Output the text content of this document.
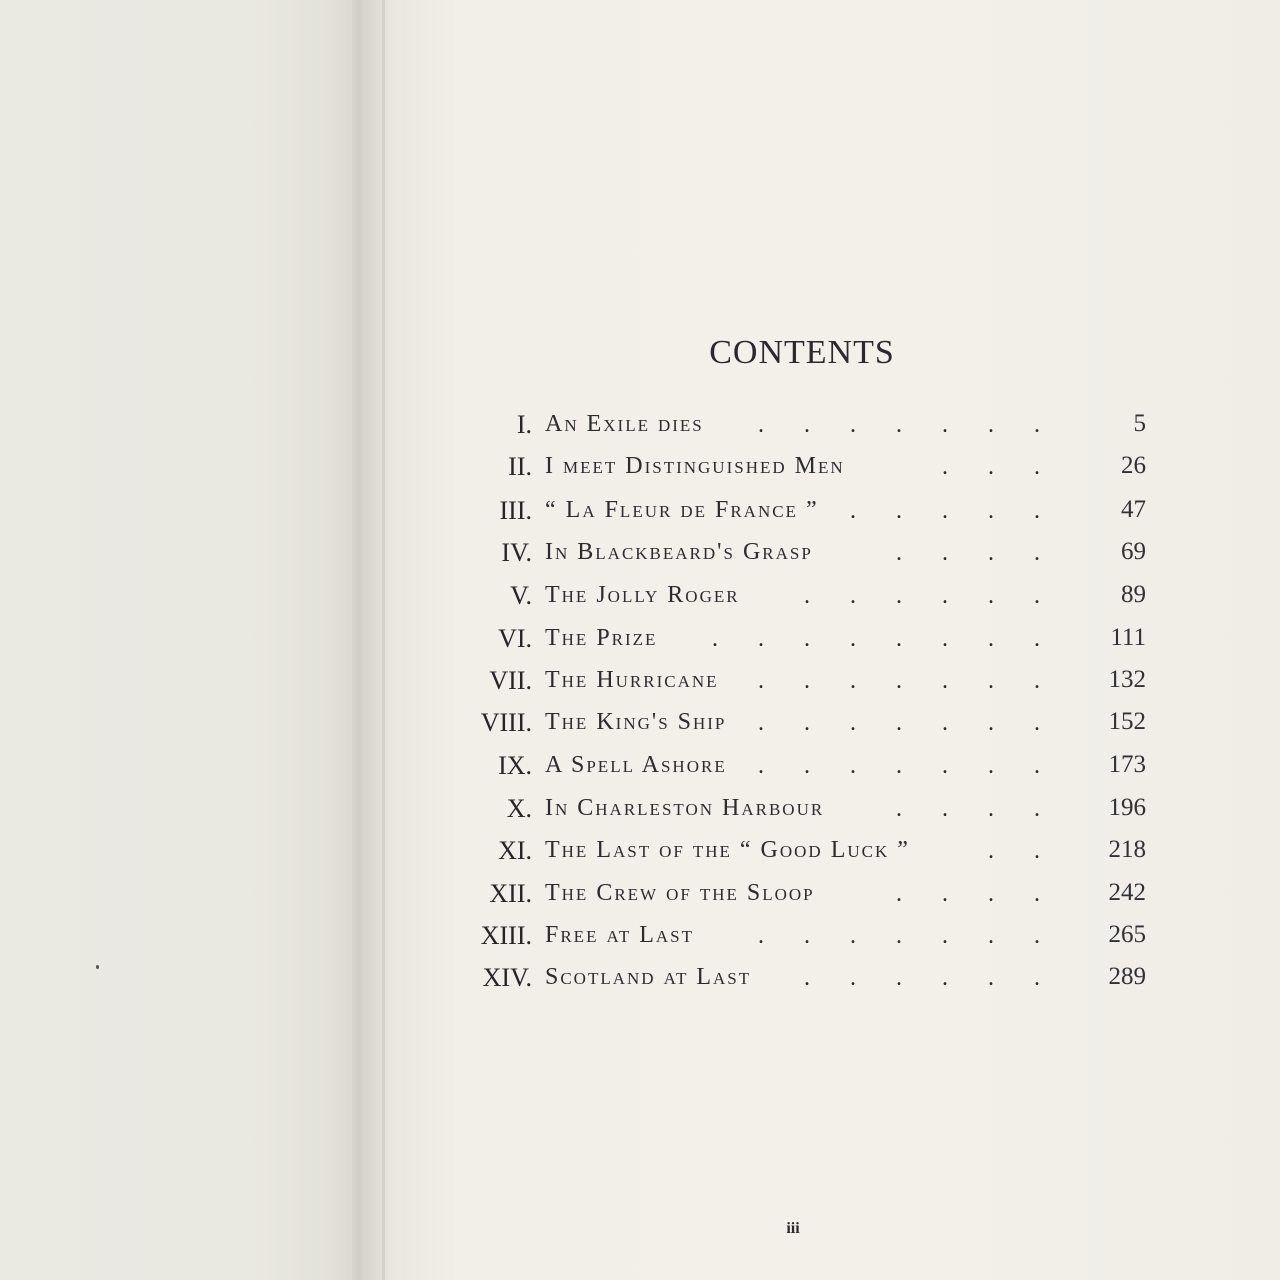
CONTENTS
I. An Exile dies ....... 5
II. I meet Distinguished Men	... 26
III. “ La Fleur de France ” ..... 47
IV. In Blackbeard's Grasp	.... 69
V. The Jolly Roger	...... 89
VI. The Prize ........ 111
VII. The Hurricane ....... 132
VIII. The King's Ship ....... 152
IX. A Spell Ashore ....... 173
X. In Charleston Harbour	.... 196
XI. The Last of the “ Good Luck ”	.. 218
XII. The Crew of the Sloop	.... 242
XIII. Free at Last	....... 265
XIV. Scotland at Last ...... 289
iii
